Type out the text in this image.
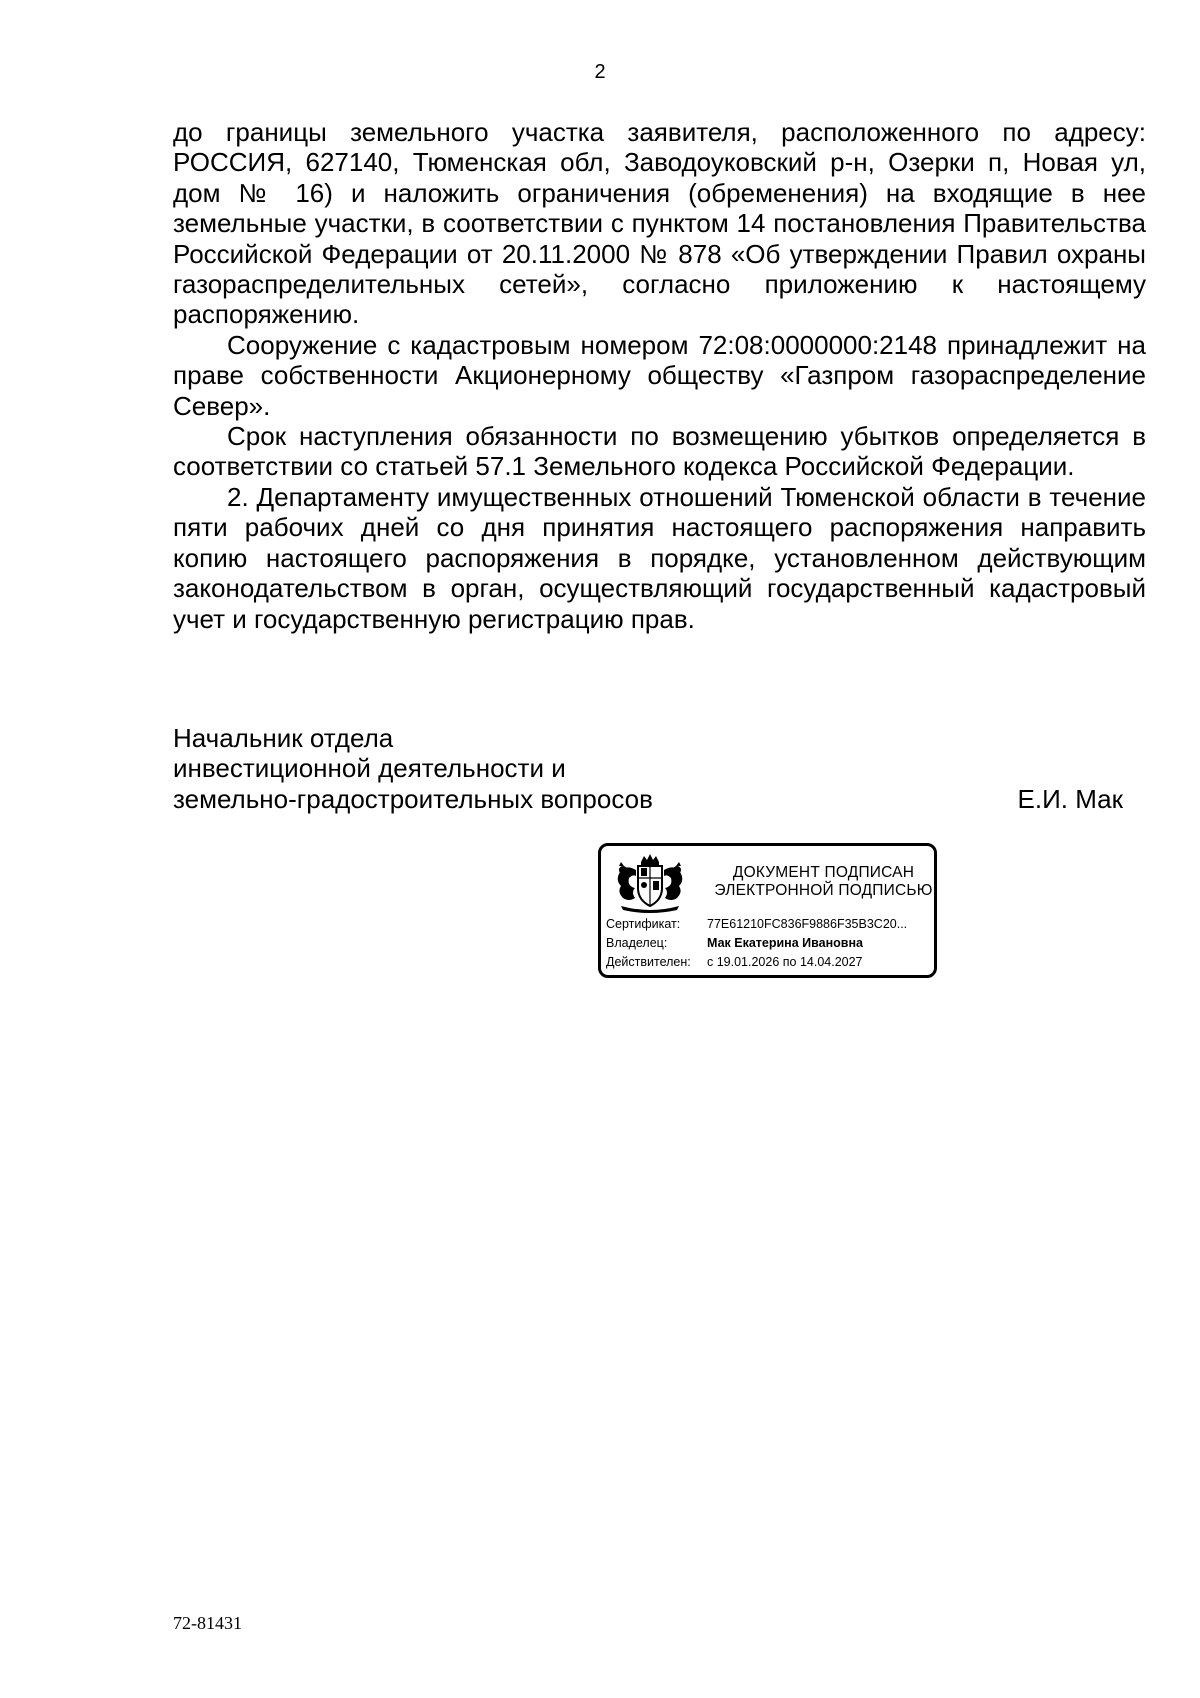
2

до границы земельного участка заявителя, расположенного по адресу: РОССИЯ, 627140, Тюменская обл, Заводоуковский р-н, Озерки п, Новая ул, дом № 16) и наложить ограничения (обременения) на входящие в нее земельные участки, в соответствии с пунктом 14 постановления Правительства Российской Федерации от 20.11.2000 № 878 «Об утверждении Правил охраны газораспределительных сетей», согласно приложению к настоящему распоряжению.

Сооружение с кадастровым номером 72:08:0000000:2148 принадлежит на праве собственности Акционерному обществу «Газпром газораспределение Север».

Срок наступления обязанности по возмещению убытков определяется в соответствии со статьей 57.1 Земельного кодекса Российской Федерации.

2. Департаменту имущественных отношений Тюменской области в течение пяти рабочих дней со дня принятия настоящего распоряжения направить копию настоящего распоряжения в порядке, установленном действующим законодательством в орган, осуществляющий государственный кадастровый учет и государственную регистрацию прав.

Начальник отдела
инвестиционной деятельности и
земельно-градостроительных вопросов	Е.И. Мак
ДОКУМЕНТ ПОДПИСАН
ЭЛЕКТРОННОЙ ПОДПИСЬЮ
Сертификат: 77E61210FC836F9886F35B3C20...
Владелец:	Мак Екатерина Ивановна
Действителен: с 19.01.2026 по 14.04.2027
72-81431
